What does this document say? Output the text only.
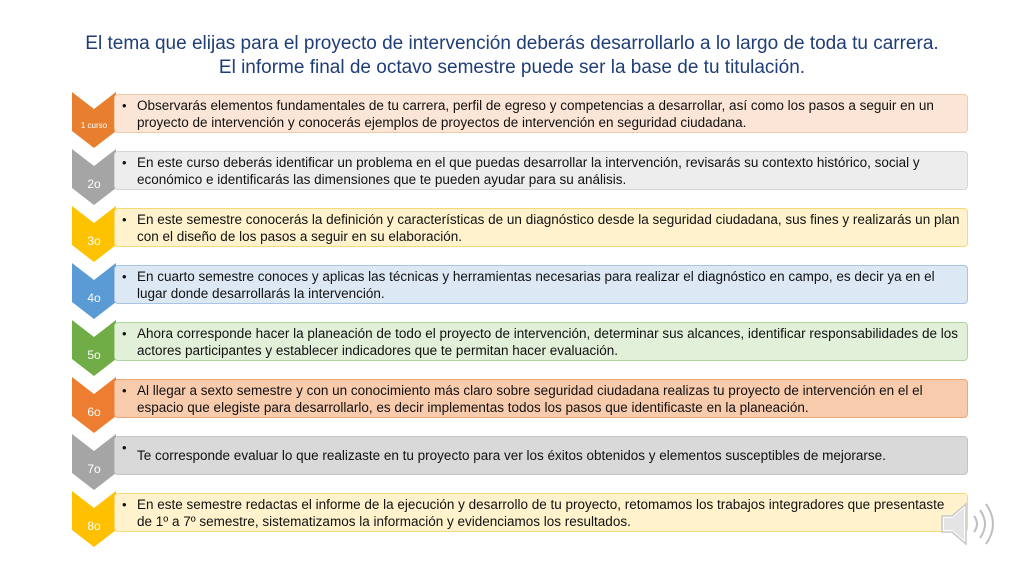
El tema que elijas para el proyecto de intervención deberás desarrollarlo a lo largo de toda tu carrera.
El informe final de octavo semestre puede ser la base de tu titulación.
1 curso
• Observarás elementos fundamentales de tu carrera, perfil de egreso y competencias a desarrollar, así como los pasos a seguir en un proyecto de intervención y conocerás ejemplos de proyectos de intervención en seguridad ciudadana.
2o
• En este curso deberás identificar un problema en el que puedas desarrollar la intervención, revisarás su contexto histórico, social y económico e identificarás las dimensiones que te pueden ayudar para su análisis.
3o
• En este semestre conocerás la definición y características de un diagnóstico desde la seguridad ciudadana, sus fines y realizarás un plan con el diseño de los pasos a seguir en su elaboración.
4o
• En cuarto semestre conoces y aplicas las técnicas y herramientas necesarias para realizar el diagnóstico en campo, es decir ya en el lugar donde desarrollarás la intervención.
5o
• Ahora corresponde hacer la planeación de todo el proyecto de intervención, determinar sus alcances, identificar responsabilidades de los actores participantes y establecer indicadores que te permitan hacer evaluación.
6o
• Al llegar a sexto semestre y con un conocimiento más claro sobre seguridad ciudadana realizas tu proyecto de intervención en el el espacio que elegiste para desarrollarlo, es decir implementas todos los pasos que identificaste en la planeación.
7o
•
Te corresponde evaluar lo que realizaste en tu proyecto para ver los éxitos obtenidos y elementos susceptibles de mejorarse.
8o
• En este semestre redactas el informe de la ejecución y desarrollo de tu proyecto, retomamos los trabajos integradores que presentaste de 1º a 7º semestre, sistematizamos la información y evidenciamos los resultados.
